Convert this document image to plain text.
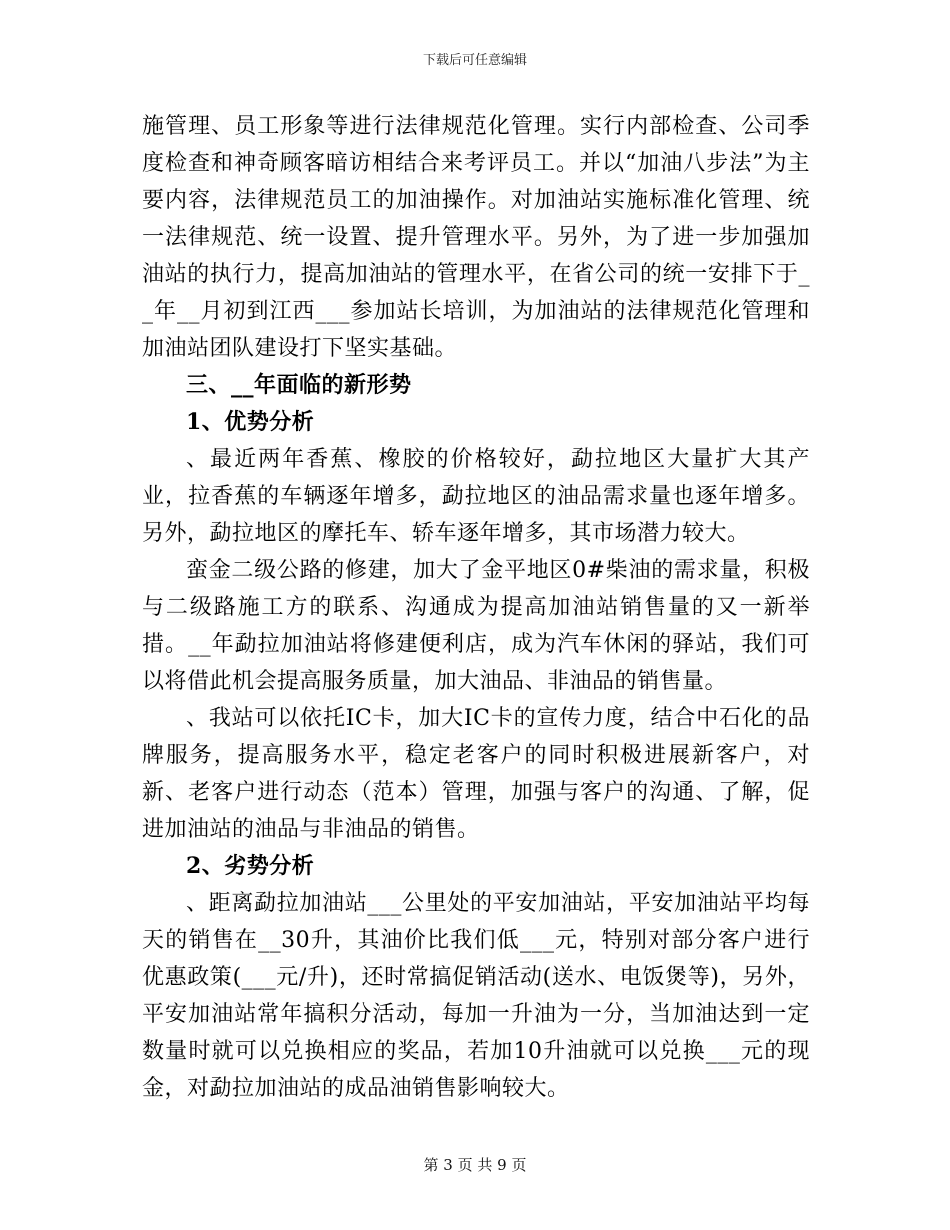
下载后可任意编辑

施管理、员工形象等进行法律规范化管理。实行内部检查、公司季度检查和神奇顾客暗访相结合来考评员工。并以“加油八步法”为主要内容，法律规范员工的加油操作。对加油站实施标准化管理、统一法律规范、统一设置、提升管理水平。另外，为了进一步加强加油站的执行力，提高加油站的管理水平，在省公司的统一安排下于__年__月初到江西___参加站长培训，为加油站的法律规范化管理和加油站团队建设打下坚实基础。

三、__年面临的新形势
1、优势分析

、最近两年香蕉、橡胶的价格较好，勐拉地区大量扩大其产业，拉香蕉的车辆逐年增多，勐拉地区的油品需求量也逐年增多。另外，勐拉地区的摩托车、轿车逐年增多，其市场潜力较大。

蛮金二级公路的修建，加大了金平地区0#柴油的需求量，积极与二级路施工方的联系、沟通成为提高加油站销售量的又一新举措。__年勐拉加油站将修建便利店，成为汽车休闲的驿站，我们可以将借此机会提高服务质量，加大油品、非油品的销售量。

、我站可以依托IC卡，加大IC卡的宣传力度，结合中石化的品牌服务，提高服务水平，稳定老客户的同时积极进展新客户，对新、老客户进行动态（范本）管理，加强与客户的沟通、了解，促进加油站的油品与非油品的销售。

2、劣势分析

、距离勐拉加油站___公里处的平安加油站，平安加油站平均每天的销售在__30升，其油价比我们低___元，特别对部分客户进行优惠政策(___元/升)，还时常搞促销活动(送水、电饭煲等)，另外，平安加油站常年搞积分活动，每加一升油为一分，当加油达到一定数量时就可以兑换相应的奖品，若加10升油就可以兑换___元的现金，对勐拉加油站的成品油销售影响较大。

第 3 页 共 9 页
